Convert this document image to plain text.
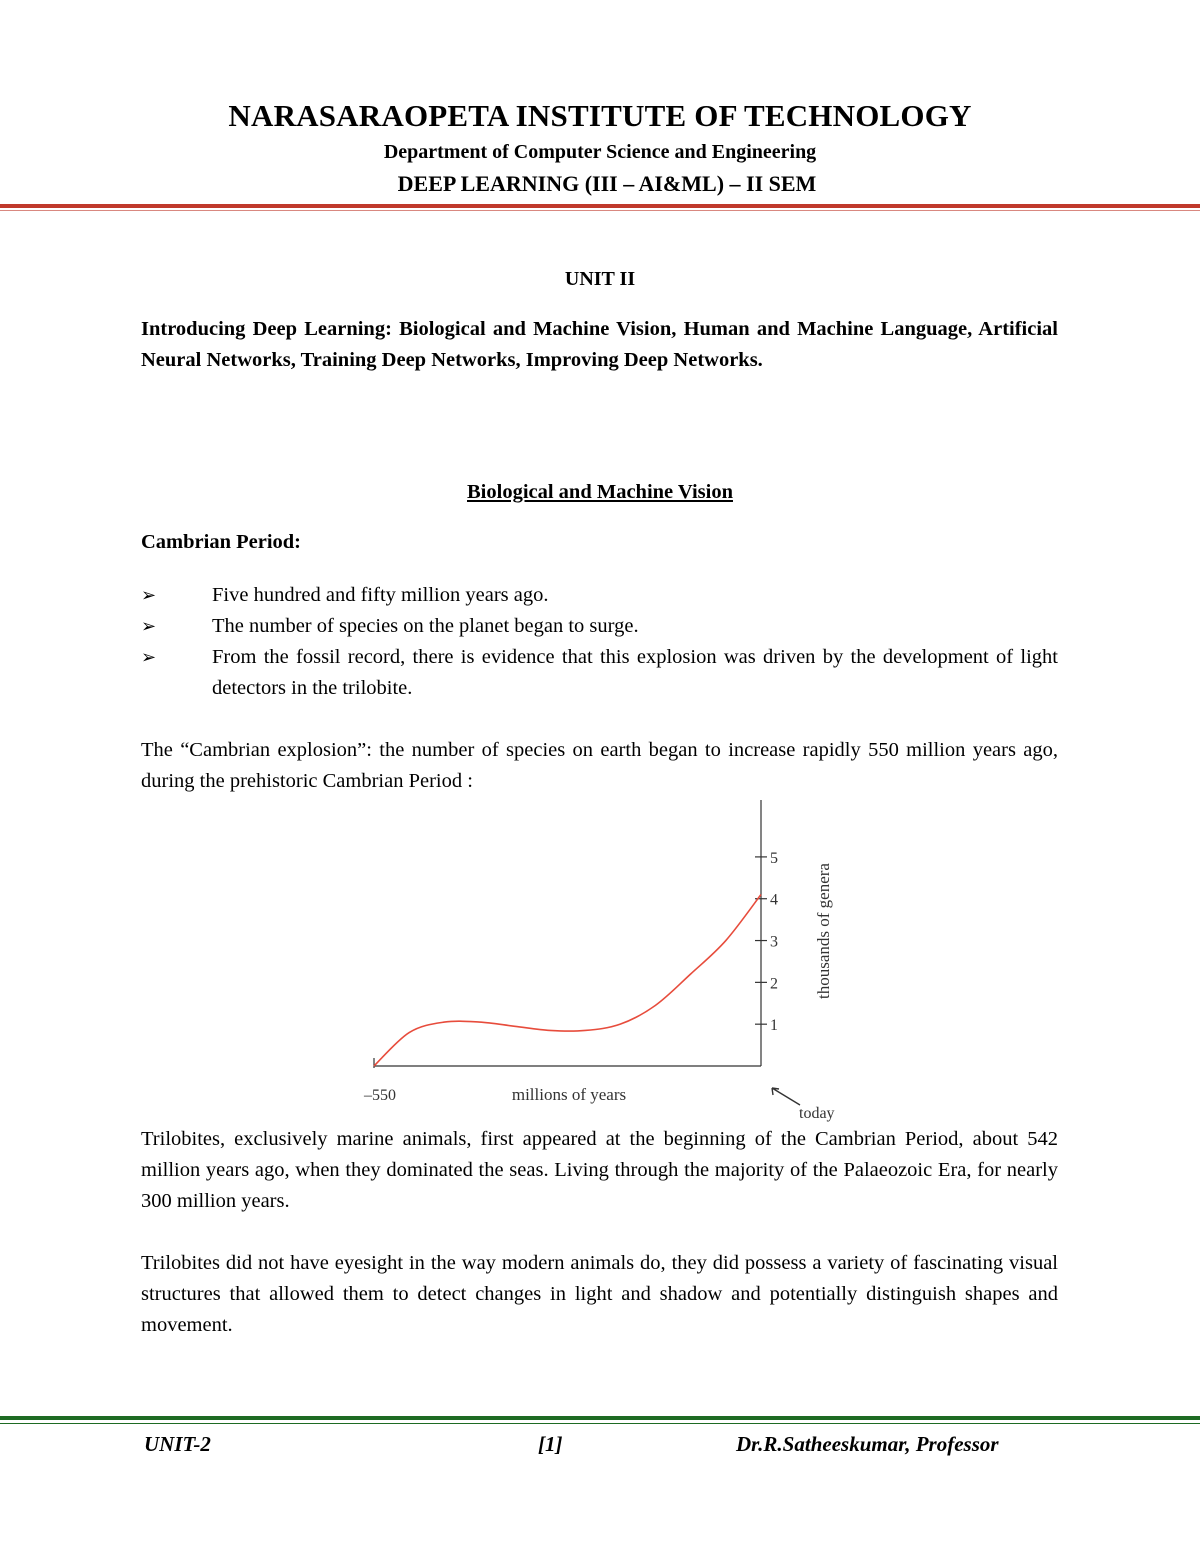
NARASARAOPETA INSTITUTE OF TECHNOLOGY
Department of Computer Science and Engineering
DEEP LEARNING (III – AI&ML) – II SEM
UNIT II
Introducing Deep Learning: Biological and Machine Vision, Human and Machine Language, Artificial Neural Networks, Training Deep Networks, Improving Deep Networks.
Biological and Machine Vision
Cambrian Period:
➢	Five hundred and fifty million years ago.
➢	The number of species on the planet began to surge.
➢	From the fossil record, there is evidence that this explosion was driven by the development of light detectors in the trilobite.
The “Cambrian explosion”: the number of species on earth began to increase rapidly 550 million years ago, during the prehistoric Cambrian Period :
1
2
3
4
5
–550	millions of years
thousands of genera
today
Trilobites, exclusively marine animals, first appeared at the beginning of the Cambrian Period, about 542 million years ago, when they dominated the seas. Living through the majority of the Palaeozoic Era, for nearly 300 million years.
Trilobites did not have eyesight in the way modern animals do, they did possess a variety of fascinating visual structures that allowed them to detect changes in light and shadow and potentially distinguish shapes and movement.
UNIT-2	[1]	Dr.R.Satheeskumar, Professor
